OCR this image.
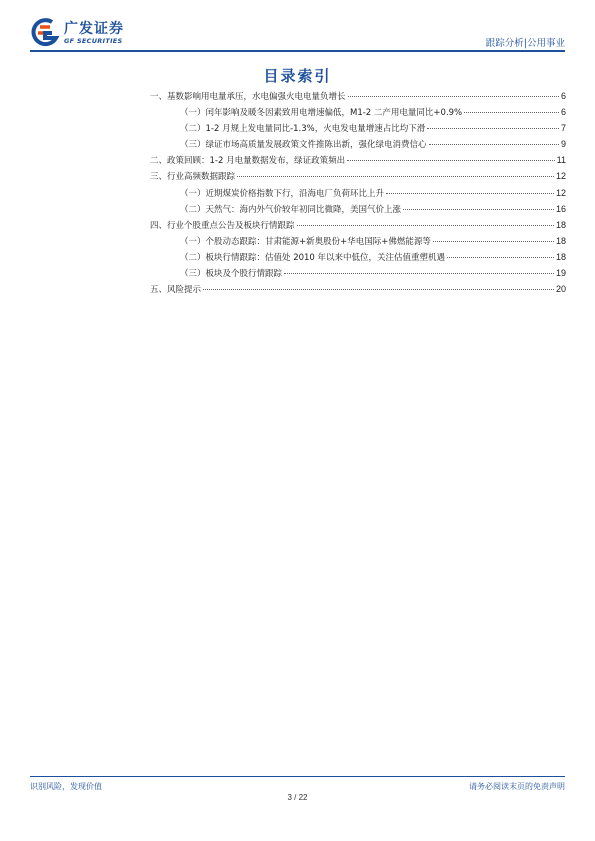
广发证券
GF SECURITIES	跟踪分析|公用事业
目录索引
一、基数影响用电量承压，水电偏强火电电量负增长	6
（一）闰年影响及暖冬因素致用电增速偏低，M1-2 二产用电量同比+0.9%	6
（二）1-2 月规上发电量同比-1.3%，火电发电量增速占比均下滑	7
（三）绿证市场高质量发展政策文件推陈出新，强化绿电消费信心	9
二、政策回顾：1-2 月电量数据发布，绿证政策频出	11
三、行业高频数据跟踪	12
（一）近期煤炭价格指数下行，沿海电厂负荷环比上升	12
（二）天然气：海内外气价较年初同比微降，美国气价上涨	16
四、行业个股重点公告及板块行情跟踪	18
（一）个股动态跟踪：甘肃能源+新奥股份+华电国际+佛燃能源等	18
（二）板块行情跟踪：估值处 2010 年以来中低位，关注估值重塑机遇	18
（三）板块及个股行情跟踪	19
五、风险提示	20
识别风险，发现价值	请务必阅读末页的免责声明
3 / 22
